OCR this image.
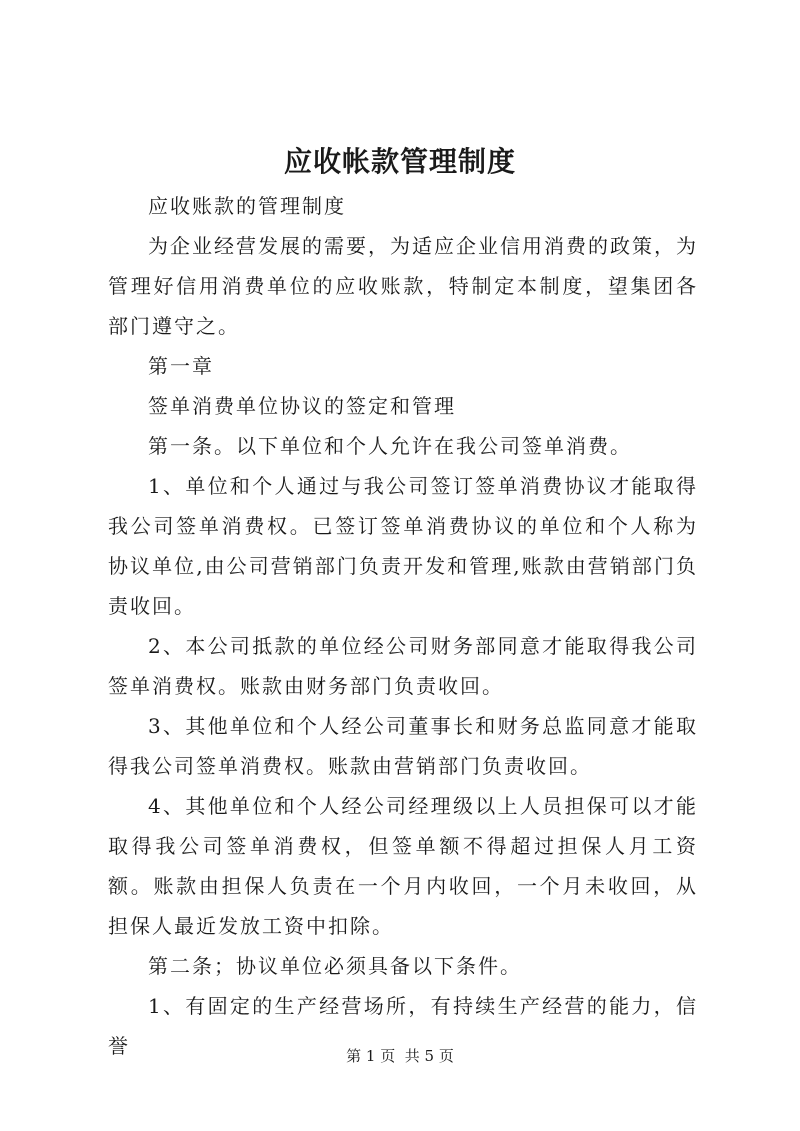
应收帐款管理制度

应收账款的管理制度

为企业经营发展的需要，为适应企业信用消费的政策，为管理好信用消费单位的应收账款，特制定本制度，望集团各部门遵守之。

第一章

签单消费单位协议的签定和管理

第一条。以下单位和个人允许在我公司签单消费。

1、单位和个人通过与我公司签订签单消费协议才能取得我公司签单消费权。已签订签单消费协议的单位和个人称为协议单位,由公司营销部门负责开发和管理,账款由营销部门负责收回。

2、本公司抵款的单位经公司财务部同意才能取得我公司签单消费权。账款由财务部门负责收回。

3、其他单位和个人经公司董事长和财务总监同意才能取得我公司签单消费权。账款由营销部门负责收回。

4、其他单位和个人经公司经理级以上人员担保可以才能取得我公司签单消费权，但签单额不得超过担保人月工资额。账款由担保人负责在一个月内收回，一个月未收回，从担保人最近发放工资中扣除。

第二条；协议单位必须具备以下条件。

1、有固定的生产经营场所，有持续生产经营的能力，信誉	第 1 页 共 5 页
